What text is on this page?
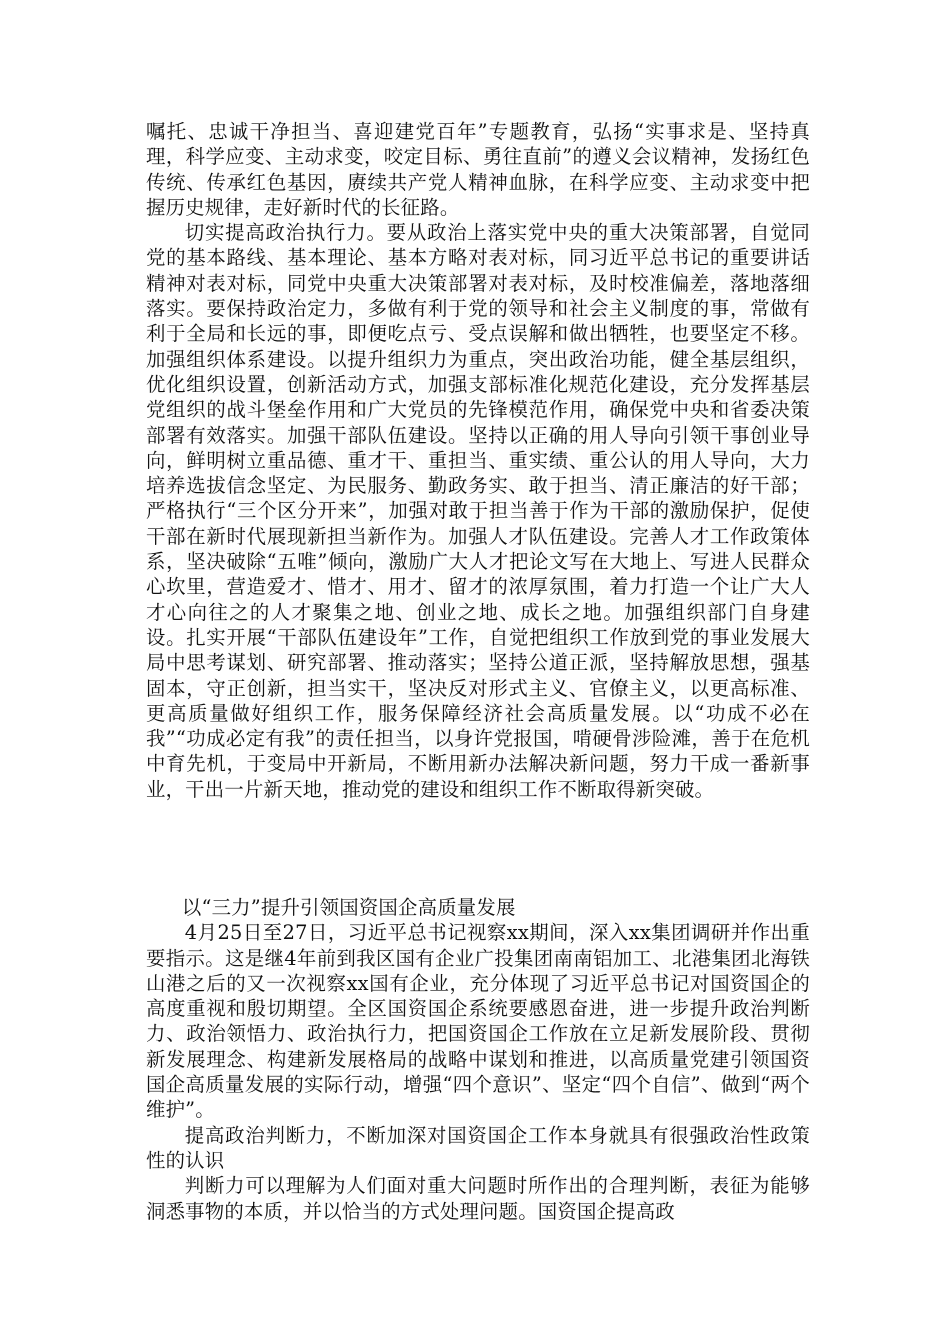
嘱托、忠诚干净担当、喜迎建党百年”专题教育，弘扬“实事求是、坚持真理，科学应变、主动求变，咬定目标、勇往直前”的遵义会议精神，发扬红色传统、传承红色基因，赓续共产党人精神血脉，在科学应变、主动求变中把握历史规律，走好新时代的长征路。

切实提高政治执行力。要从政治上落实党中央的重大决策部署，自觉同党的基本路线、基本理论、基本方略对表对标，同习近平总书记的重要讲话精神对表对标，同党中央重大决策部署对表对标，及时校准偏差，落地落细落实。要保持政治定力，多做有利于党的领导和社会主义制度的事，常做有利于全局和长远的事，即便吃点亏、受点误解和做出牺牲，也要坚定不移。加强组织体系建设。以提升组织力为重点，突出政治功能，健全基层组织，优化组织设置，创新活动方式，加强支部标准化规范化建设，充分发挥基层党组织的战斗堡垒作用和广大党员的先锋模范作用，确保党中央和省委决策部署有效落实。加强干部队伍建设。坚持以正确的用人导向引领干事创业导向，鲜明树立重品德、重才干、重担当、重实绩、重公认的用人导向，大力培养选拔信念坚定、为民服务、勤政务实、敢于担当、清正廉洁的好干部；严格执行“三个区分开来”，加强对敢于担当善于作为干部的激励保护，促使干部在新时代展现新担当新作为。加强人才队伍建设。完善人才工作政策体系，坚决破除“五唯”倾向，激励广大人才把论文写在大地上、写进人民群众心坎里，营造爱才、惜才、用才、留才的浓厚氛围，着力打造一个让广大人才心向往之的人才聚集之地、创业之地、成长之地。加强组织部门自身建设。扎实开展“干部队伍建设年”工作，自觉把组织工作放到党的事业发展大局中思考谋划、研究部署、推动落实；坚持公道正派，坚持解放思想，强基固本，守正创新，担当实干，坚决反对形式主义、官僚主义，以更高标准、更高质量做好组织工作，服务保障经济社会高质量发展。以“功成不必在我”“功成必定有我”的责任担当，以身许党报国，啃硬骨涉险滩，善于在危机中育先机，于变局中开新局，不断用新办法解决新问题，努力干成一番新事业，干出一片新天地，推动党的建设和组织工作不断取得新突破。

以“三力”提升引领国资国企高质量发展

4月25日至27日，习近平总书记视察xx期间，深入xx集团调研并作出重要指示。这是继4年前到我区国有企业广投集团南南铝加工、北港集团北海铁山港之后的又一次视察xx国有企业，充分体现了习近平总书记对国资国企的高度重视和殷切期望。全区国资国企系统要感恩奋进，进一步提升政治判断力、政治领悟力、政治执行力，把国资国企工作放在立足新发展阶段、贯彻新发展理念、构建新发展格局的战略中谋划和推进，以高质量党建引领国资国企高质量发展的实际行动，增强“四个意识”、坚定“四个自信”、做到“两个维护”。

提高政治判断力，不断加深对国资国企工作本身就具有很强政治性政策性的认识

判断力可以理解为人们面对重大问题时所作出的合理判断，表征为能够洞悉事物的本质，并以恰当的方式处理问题。国资国企提高政
